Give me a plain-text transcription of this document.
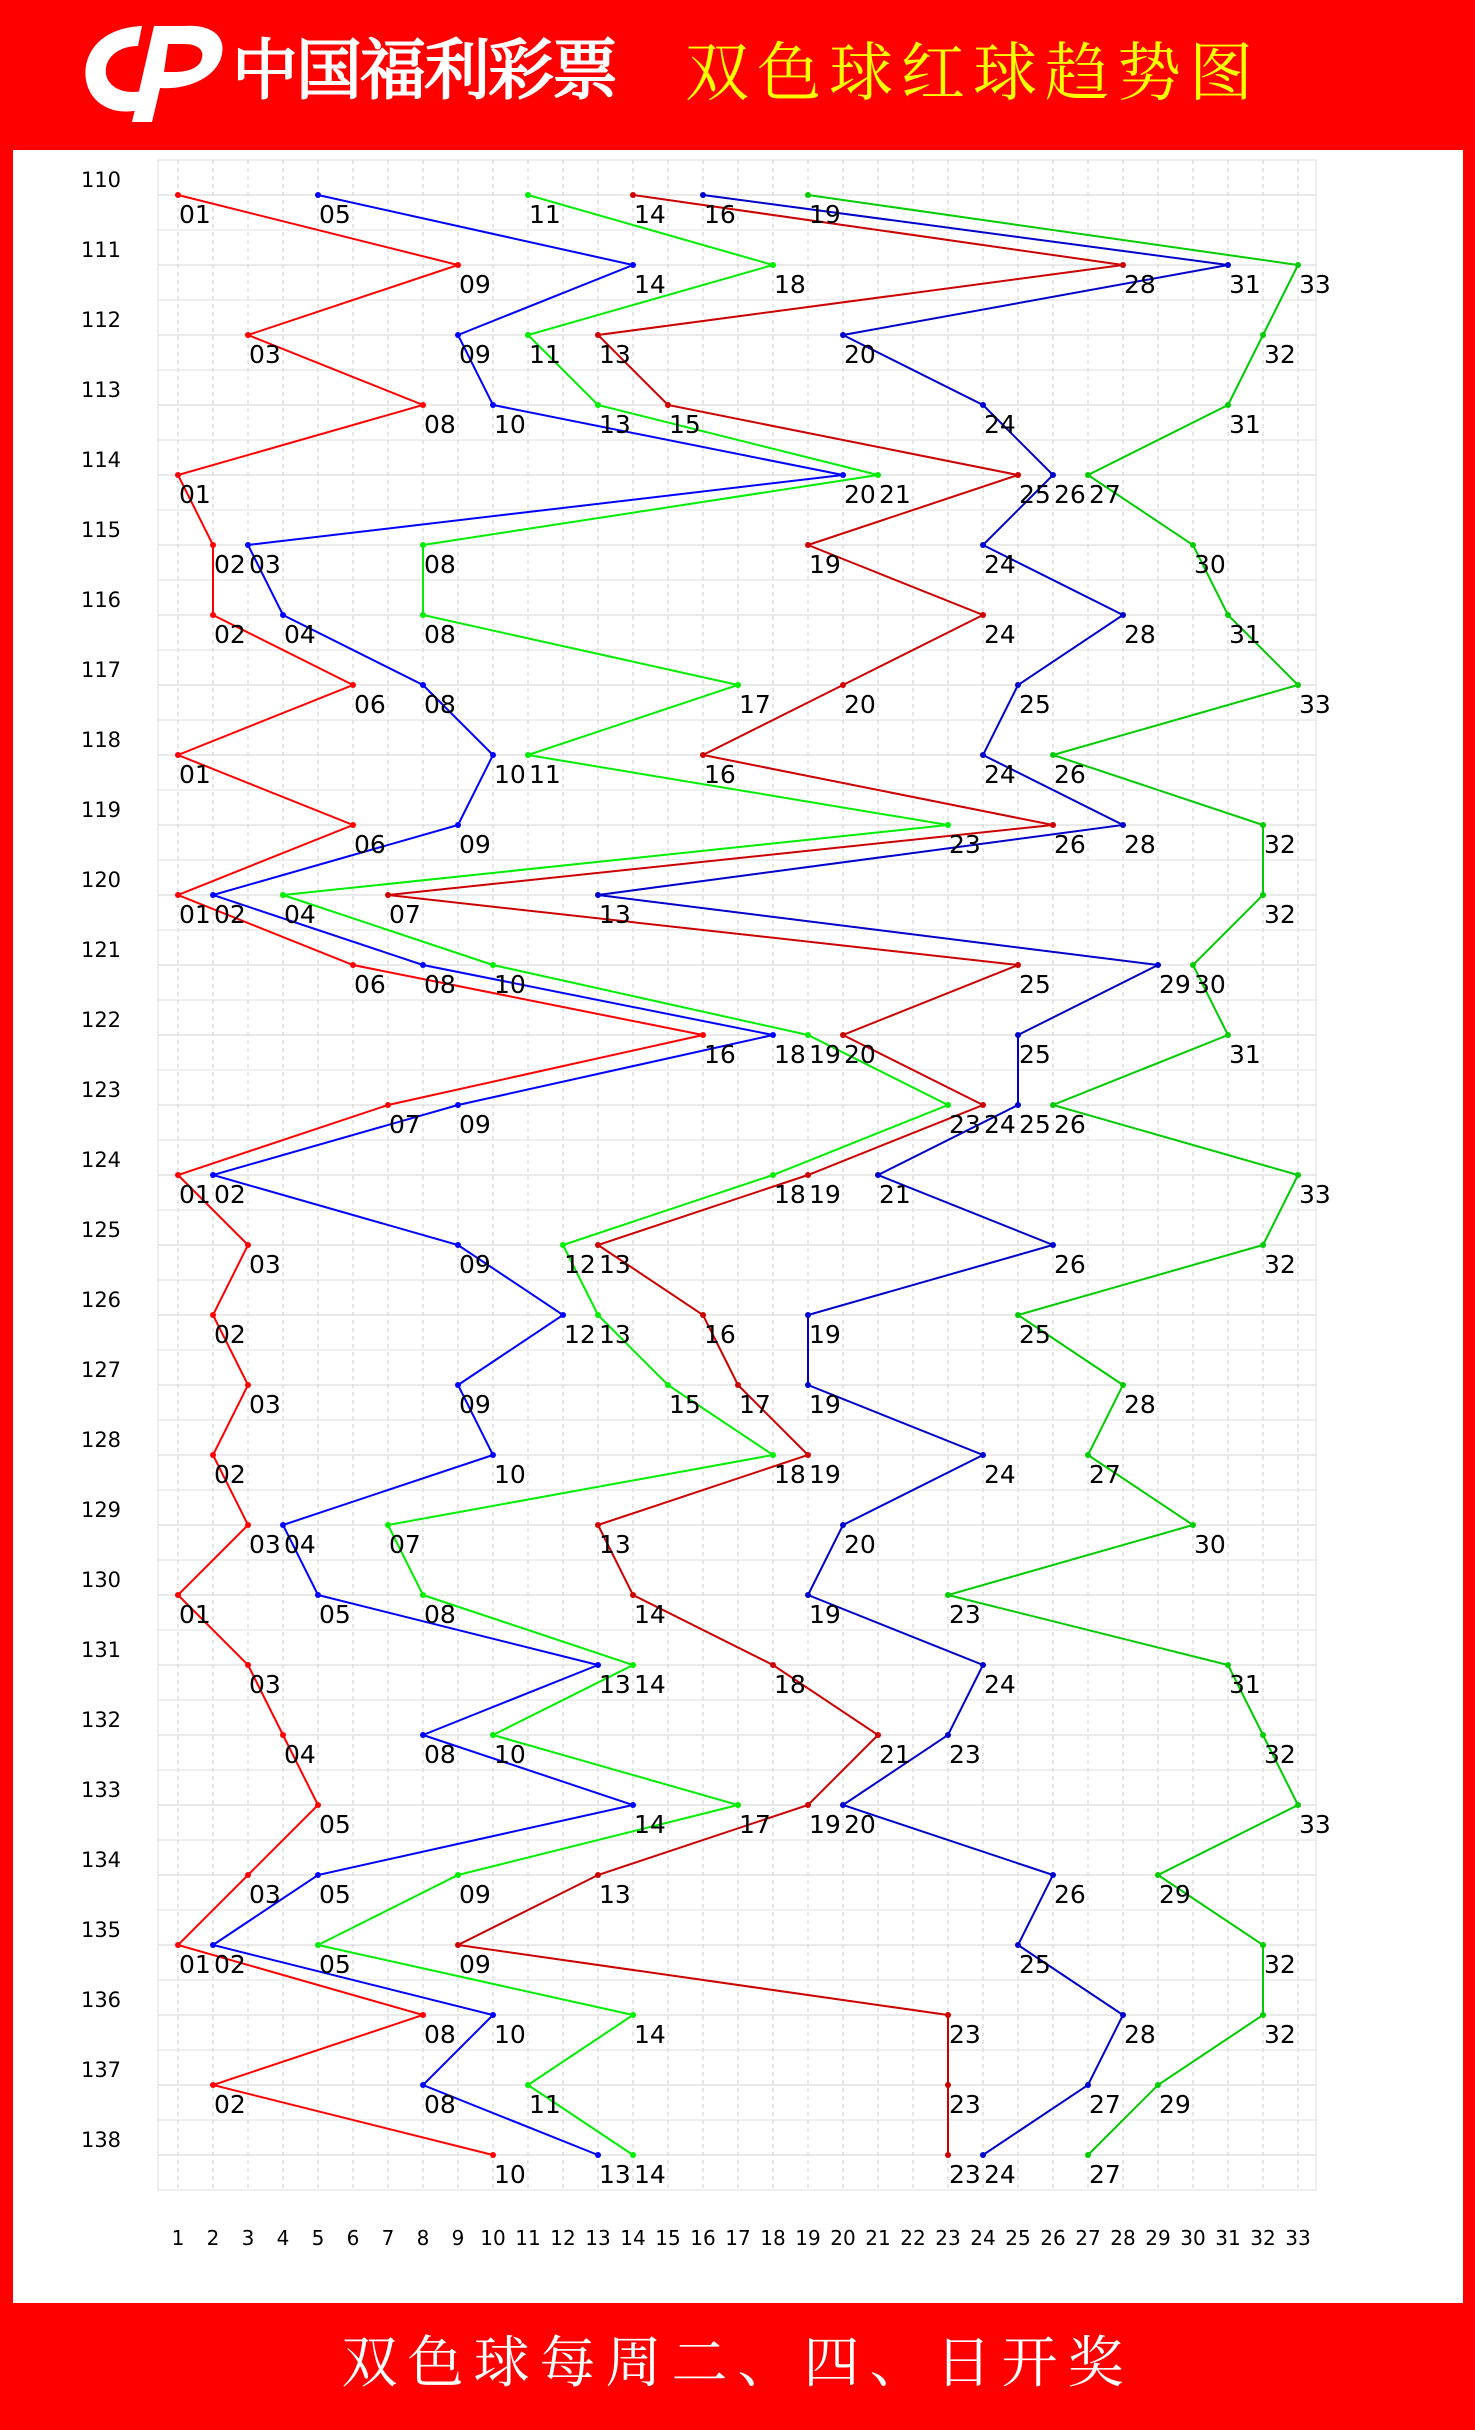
中国福利彩票 双色球红球趋势图
01
09
03
08
01
02
02
06
01
06
01
06
16
07
01
03
02
03
02
03
01
03
04
05
03
01
08
02
10
05
14
09
10
20
03
04
08
10
09
02
08
18
09
02
09
12
09
10
04
05
13
08
14
05
02
10
08
13
11
18
11
13
21
08
08
17
11
23
04
10
19
23
18
12
13
15
18
07
08
14
10
17
09
05
14
11
14
14
28
13
15
25
19
24
20
16
26
07
25
20
24
19
13
16
17
19
13
14
18
21
19
13
09
23
23
23
16
31
20
24
26
24
28
25
24
28
13
29
25
25
21
26
19
19
24
20
19
24
23
20
26
25
28
27
24
19
33
32
31
27
30
31
33
26
32
32
30
31
26
33
32
25
28
27
30
23
31
32
33
29
32
32
29
27
110
111
112
113
114
115
116
117
118
119
120
121
122
123
124
125
126
127
128
129
130
131
132
133
134
135
136
137
138
1 2 3 4 5 6 7 8 9 10 11 12 13 14 15 16 17 18 19 20 21 22 23 24 25 26 27 28 29 30 31 32 33
双色球每周二、四、日开奖
